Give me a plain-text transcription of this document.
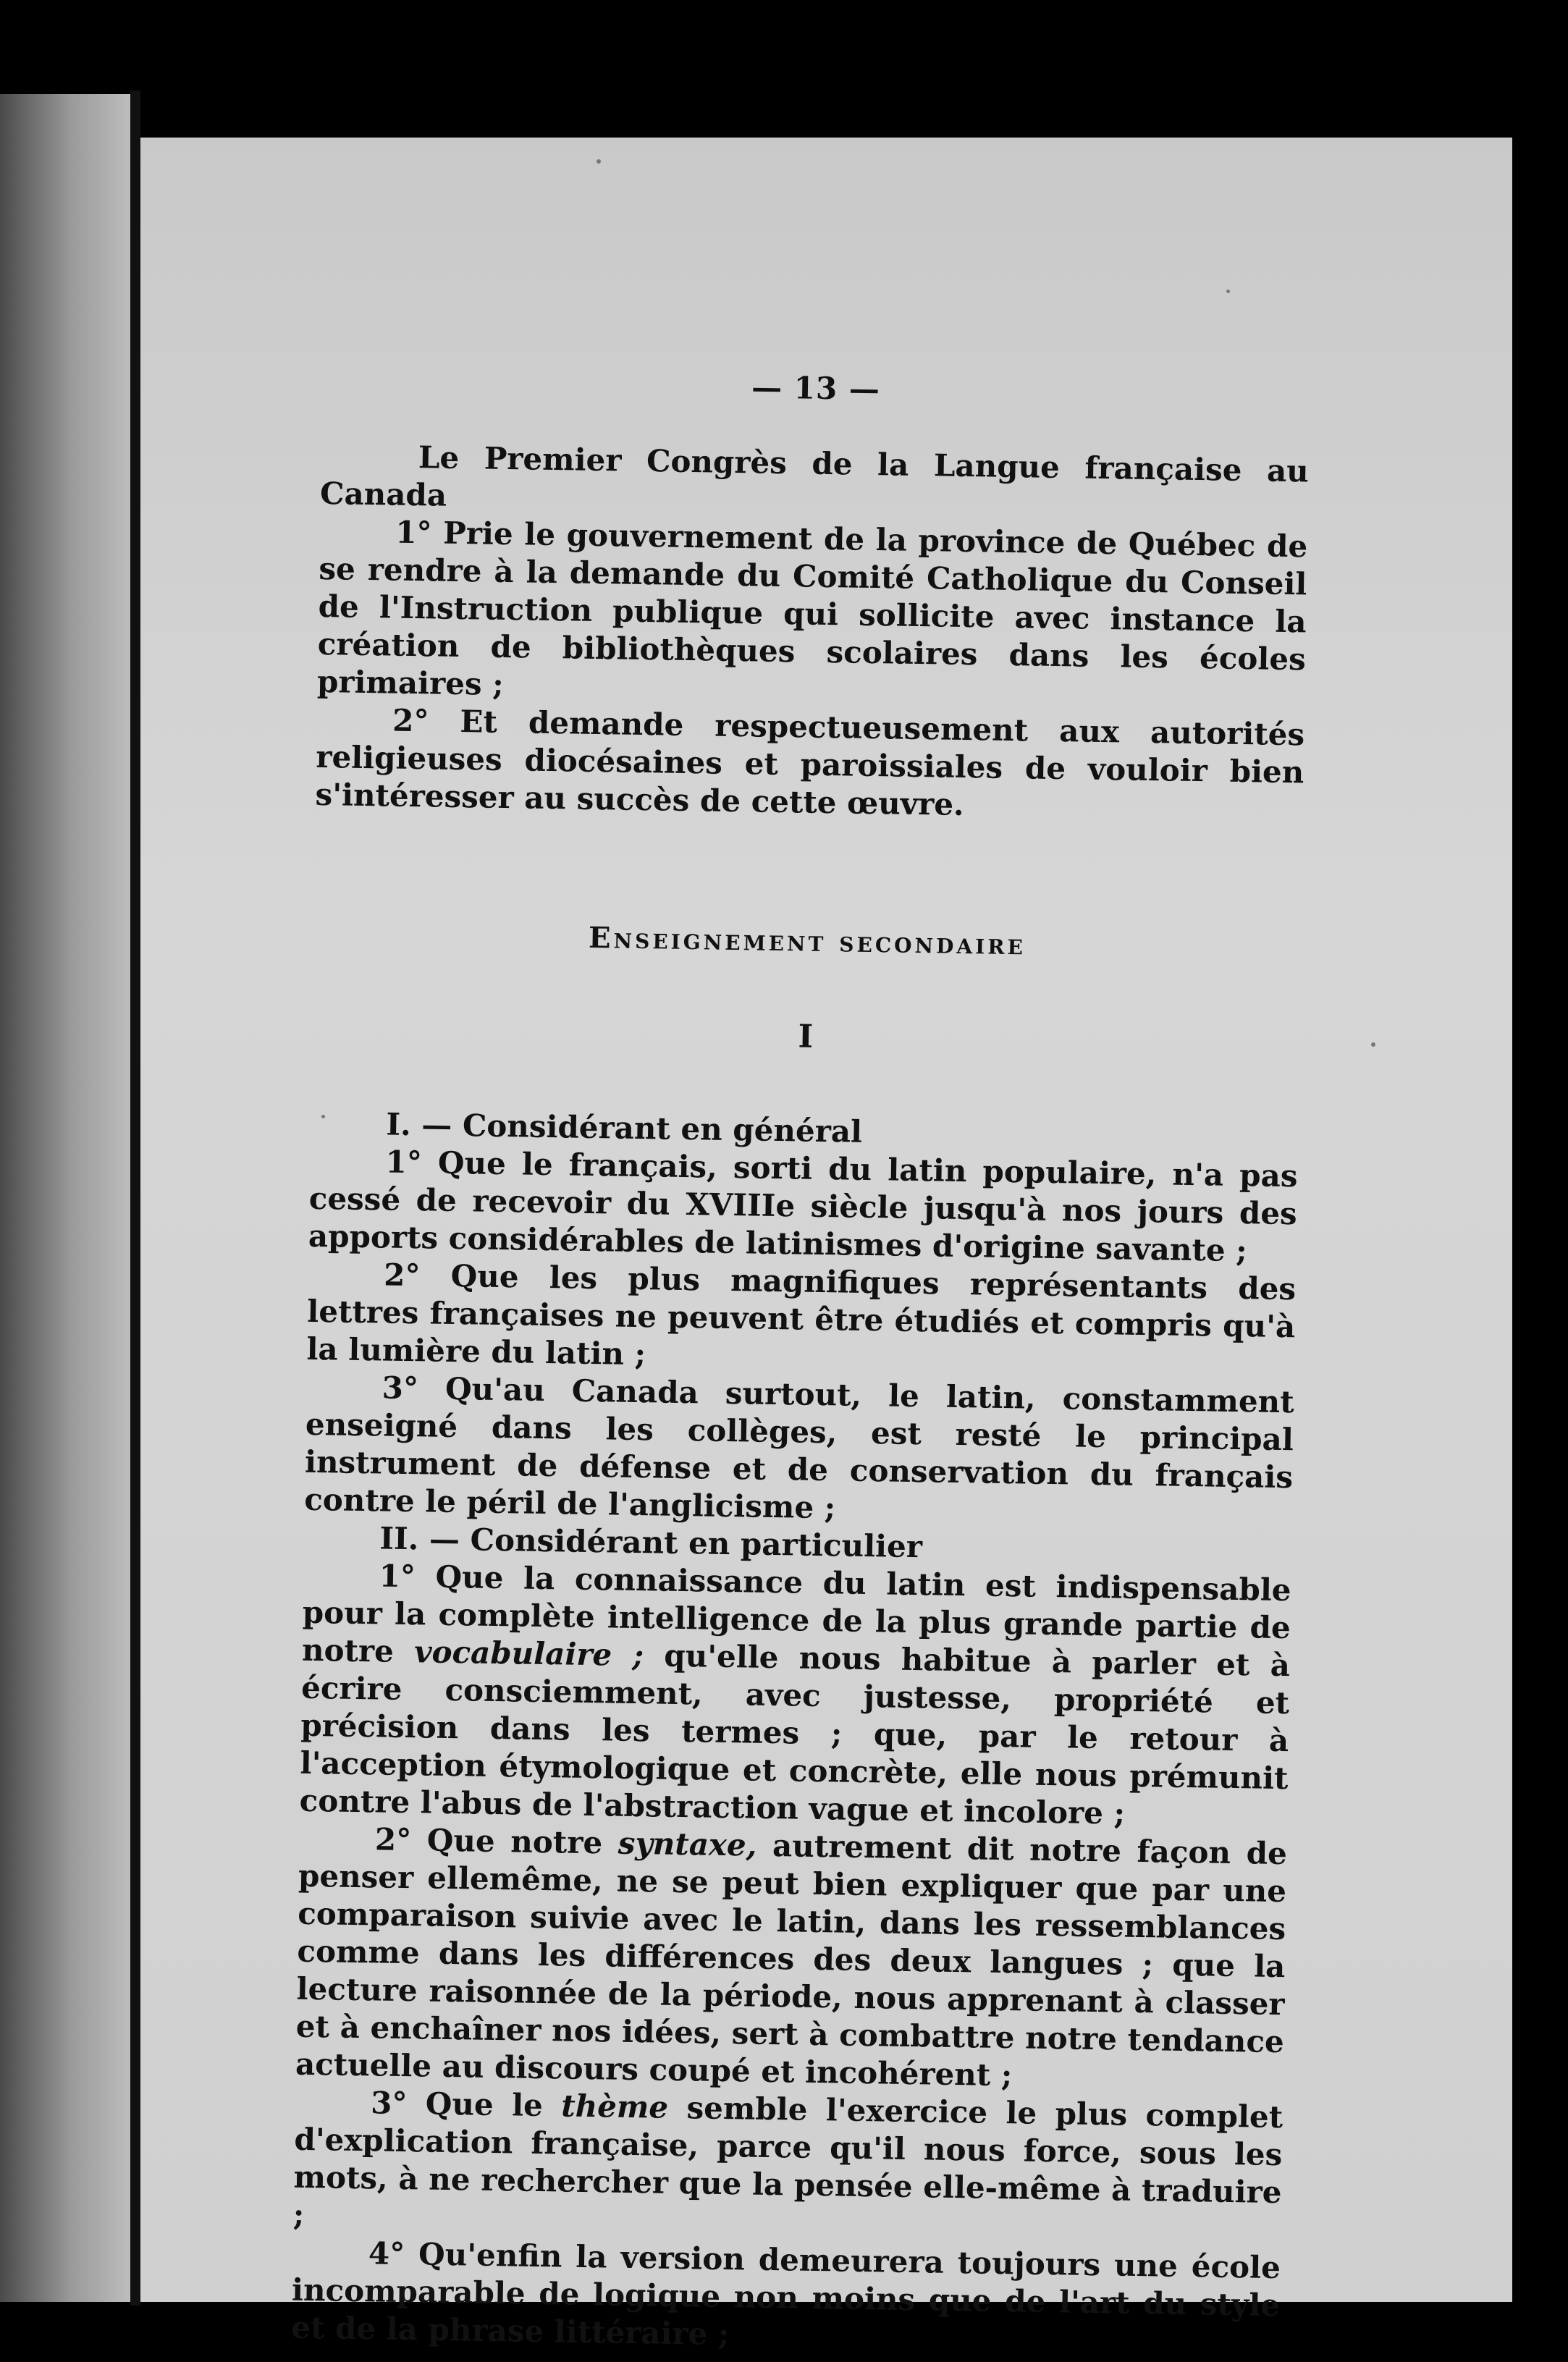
— 13 —

Le Premier Congrès de la Langue française au Canada

1° Prie le gouvernement de la province de Québec de se rendre à la demande du Comité Catholique du Conseil de l'Instruction publique qui sollicite avec instance la création de bibliothèques scolaires dans les écoles primaires ;

2° Et demande respectueusement aux autorités religieuses diocésaines et paroissiales de vouloir bien s'intéresser au succès de cette œuvre.

Enseignement secondaire

I

I. — Considérant en général

1° Que le français, sorti du latin populaire, n'a pas cessé de recevoir du XVIIIe siècle jusqu'à nos jours des apports considérables de latinismes d'origine savante ;

2° Que les plus magnifiques représentants des lettres françaises ne peuvent être étudiés et compris qu'à la lumière du latin ;

3° Qu'au Canada surtout, le latin, constamment enseigné dans les collèges, est resté le principal instrument de défense et de conservation du français contre le péril de l'anglicisme ;

II. — Considérant en particulier

1° Que la connaissance du latin est indispensable pour la complète intelligence de la plus grande partie de notre vocabulaire ; qu'elle nous habitue à parler et à écrire consciemment, avec justesse, propriété et précision dans les termes ; que, par le retour à l'acception étymologique et concrète, elle nous prémunit contre l'abus de l'abstraction vague et incolore ;

2° Que notre syntaxe, autrement dit notre façon de penser ellemême, ne se peut bien expliquer que par une comparaison suivie avec le latin, dans les ressemblances comme dans les différences des deux langues ; que la lecture raisonnée de la période, nous apprenant à classer et à enchaîner nos idées, sert à combattre notre tendance actuelle au discours coupé et incohérent ;

3° Que le thème semble l'exercice le plus complet d'explication française, parce qu'il nous force, sous les mots, à ne rechercher que la pensée elle-même à traduire ;

4° Qu'enfin la version demeurera toujours une école incomparable de logique non moins que de l'art du style et de la phrase littéraire ;
